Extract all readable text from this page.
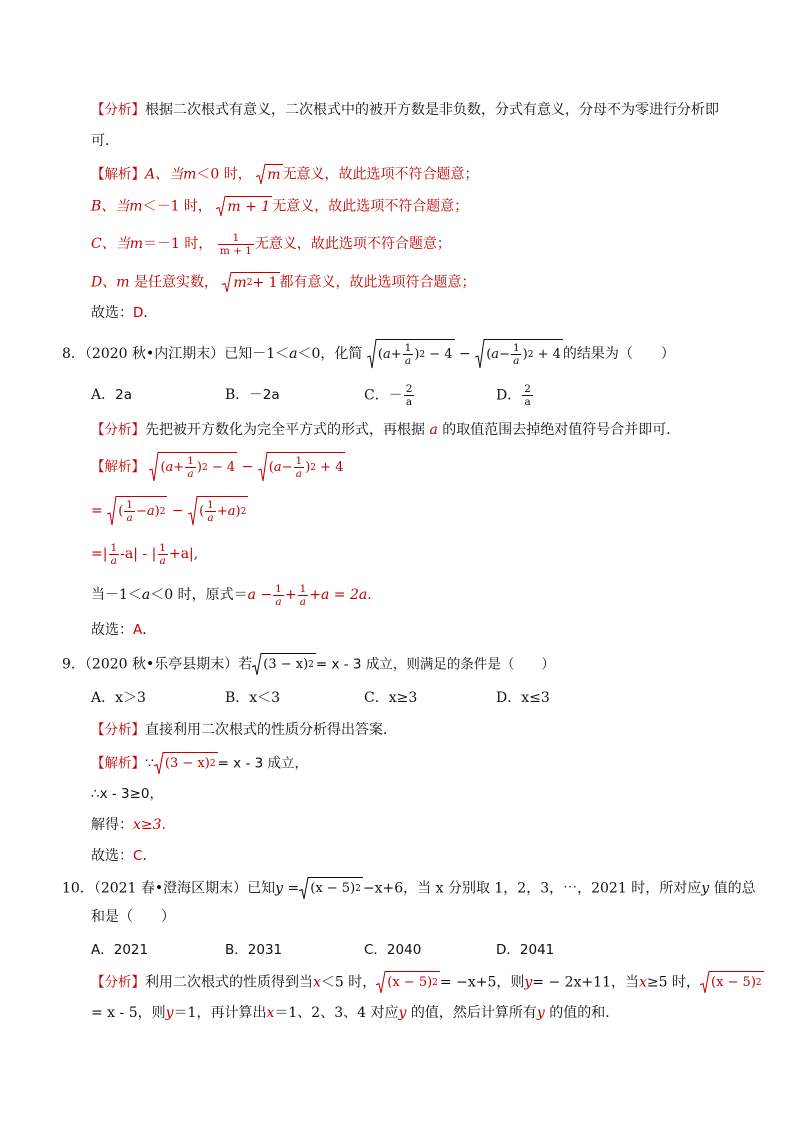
【分析】根据二次根式有意义，二次根式中的被开方数是非负数，分式有意义，分母不为零进行分析即
可．
【解析】A、当m＜0 时， m 无意义，故此选项不符合题意；
B、当m＜－1 时， m + 1 无意义，故此选项不符合题意；
C、当m＝－1 时， $\frac{1}{m + 1}$ 无意义，故此选项不符合题意；
D、m 是任意实数， m 2 + 1 都有意义，故此选项符合题意；
故选：D．
8．（2020 秋•内江期末）已知－1＜a＜0，化简 ( $a + \frac{1}{a}$ ) 2 − 4 − ( $a - \frac{1}{a}$ ) 2 + 4 的结果为（　　）
A．2a	B．－2a	C．－ $\frac{2}{a}$	D． $\frac{2}{a}$
【分析】先把被开方数化为完全平方式的形式，再根据 a 的取值范围去掉绝对值符号合并即可．
【解析】 ( $a + \frac{1}{a}$ ) 2 − 4 − ( $a - \frac{1}{a}$ ) 2 + 4
= ( $\frac{1}{a} - a$ ) 2 − ( $\frac{1}{a} + a$ ) 2
=| $\frac{1}{a} -a|$ - | $\frac{1}{a} +a|$,
当－1＜a＜0 时，原式$=a - \frac{1}{a} + \frac{1}{a} +a = 2a$.
故选：A．
9．（2020 秋•乐亭县期末）若 (3 − x) 2 = x - 3 成立，则满足的条件是（　　）
A．x＞3	B．x＜3	C．x≥3	D．x≤3
【分析】直接利用二次根式的性质分析得出答案．
【解析】∵ (3 − x) 2 = x - 3 成立，
∴x - 3≥0，
解得：x≥3.
故选：C．
10．（2021 春•澄海区期末）已知y = (x − 5) 2 −x+6，当 x 分别取 1，2，3，⋯，2021 时，所对应y 值的总
和是（　　）
A．2021	B．2031	C．2040	D．2041
【分析】利用二次根式的性质得到当x＜5 时， (x − 5) 2 = −x+5，则y= − 2x+11，当x≥5 时， (x − 5) 2
= x - 5，则y＝1，再计算出x＝1、2、3、4 对应y 的值，然后计算所有y 的值的和．
